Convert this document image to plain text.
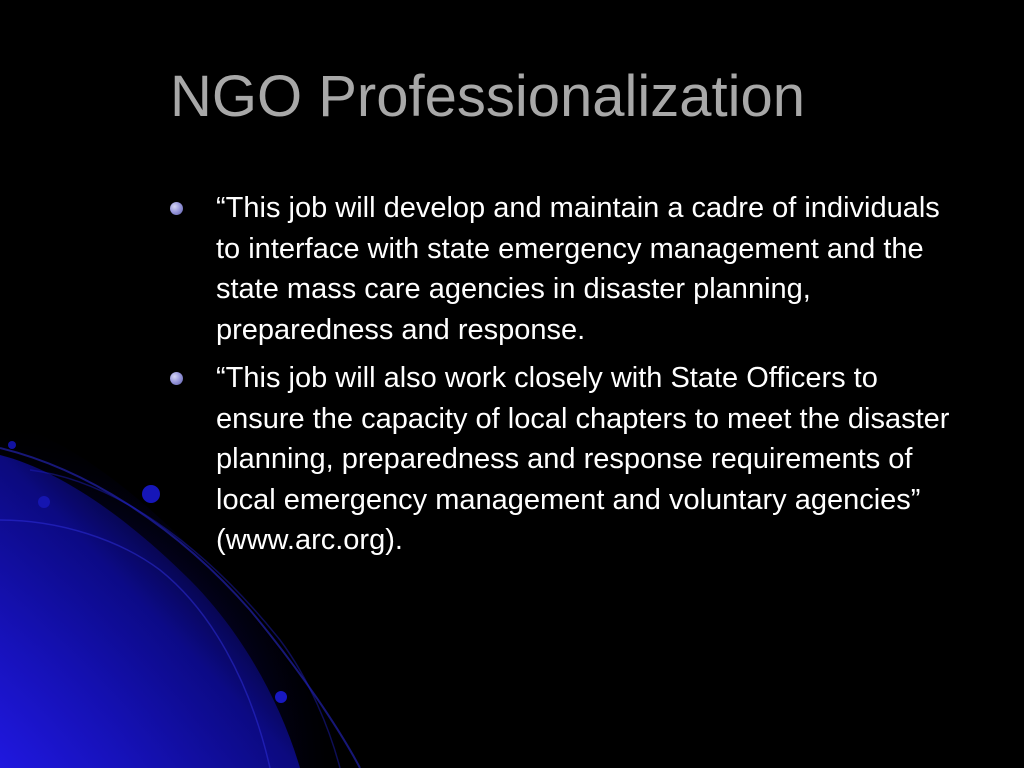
NGO Professionalization
“This job will develop and maintain a cadre of individuals to interface with state emergency management and the state mass care agencies in disaster planning, preparedness and response.
“This job will also work closely with State Officers to ensure the capacity of local chapters to meet the disaster planning, preparedness and response requirements of local emergency management and voluntary agencies” (www.arc.org).
